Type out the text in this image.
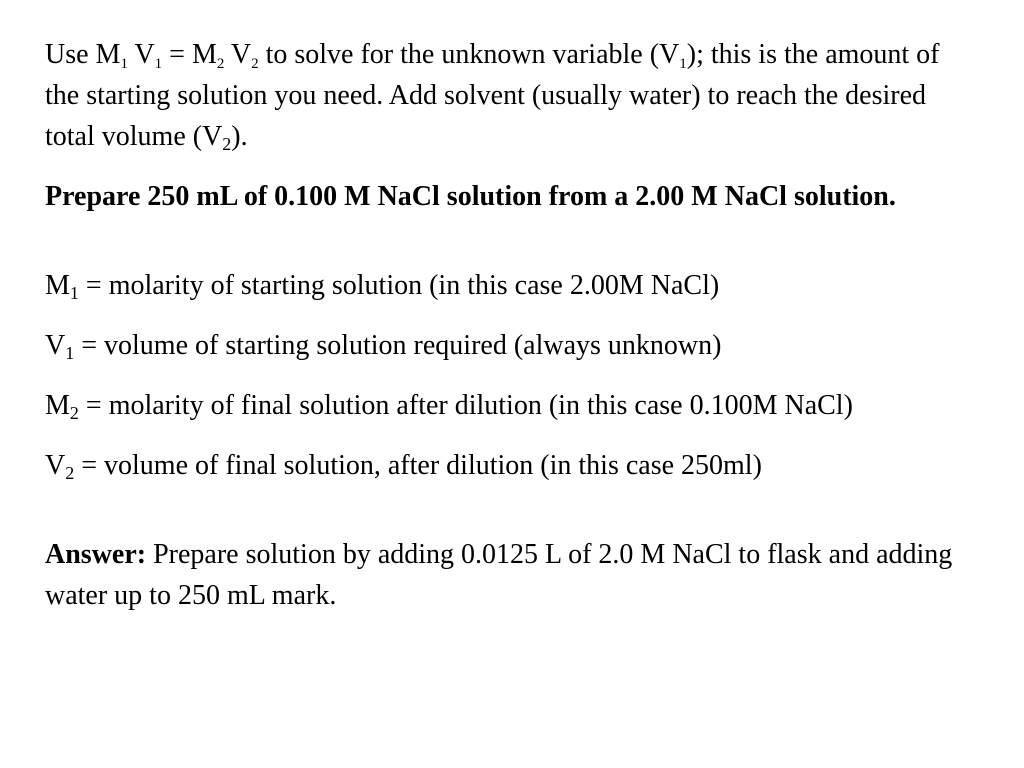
Use $M_1$ $V_1 = M_2$ $V_2$ to solve for the unknown variable $(V_1)$; this is the amount of the starting solution you need. Add solvent (usually water) to reach the desired total volume $(V_2)$.

Prepare 250 mL of 0.100 M NaCl solution from a 2.00 M NaCl solution.

$M_1$ = molarity of starting solution (in this case 2.00M NaCl)

$V_1$ = volume of starting solution required (always unknown)

$M_2$ = molarity of final solution after dilution (in this case 0.100M NaCl)

$V_2$ = volume of final solution, after dilution (in this case 250ml)

Answer: Prepare solution by adding 0.0125 L of 2.0 M NaCl to flask and adding water up to 250 mL mark.
